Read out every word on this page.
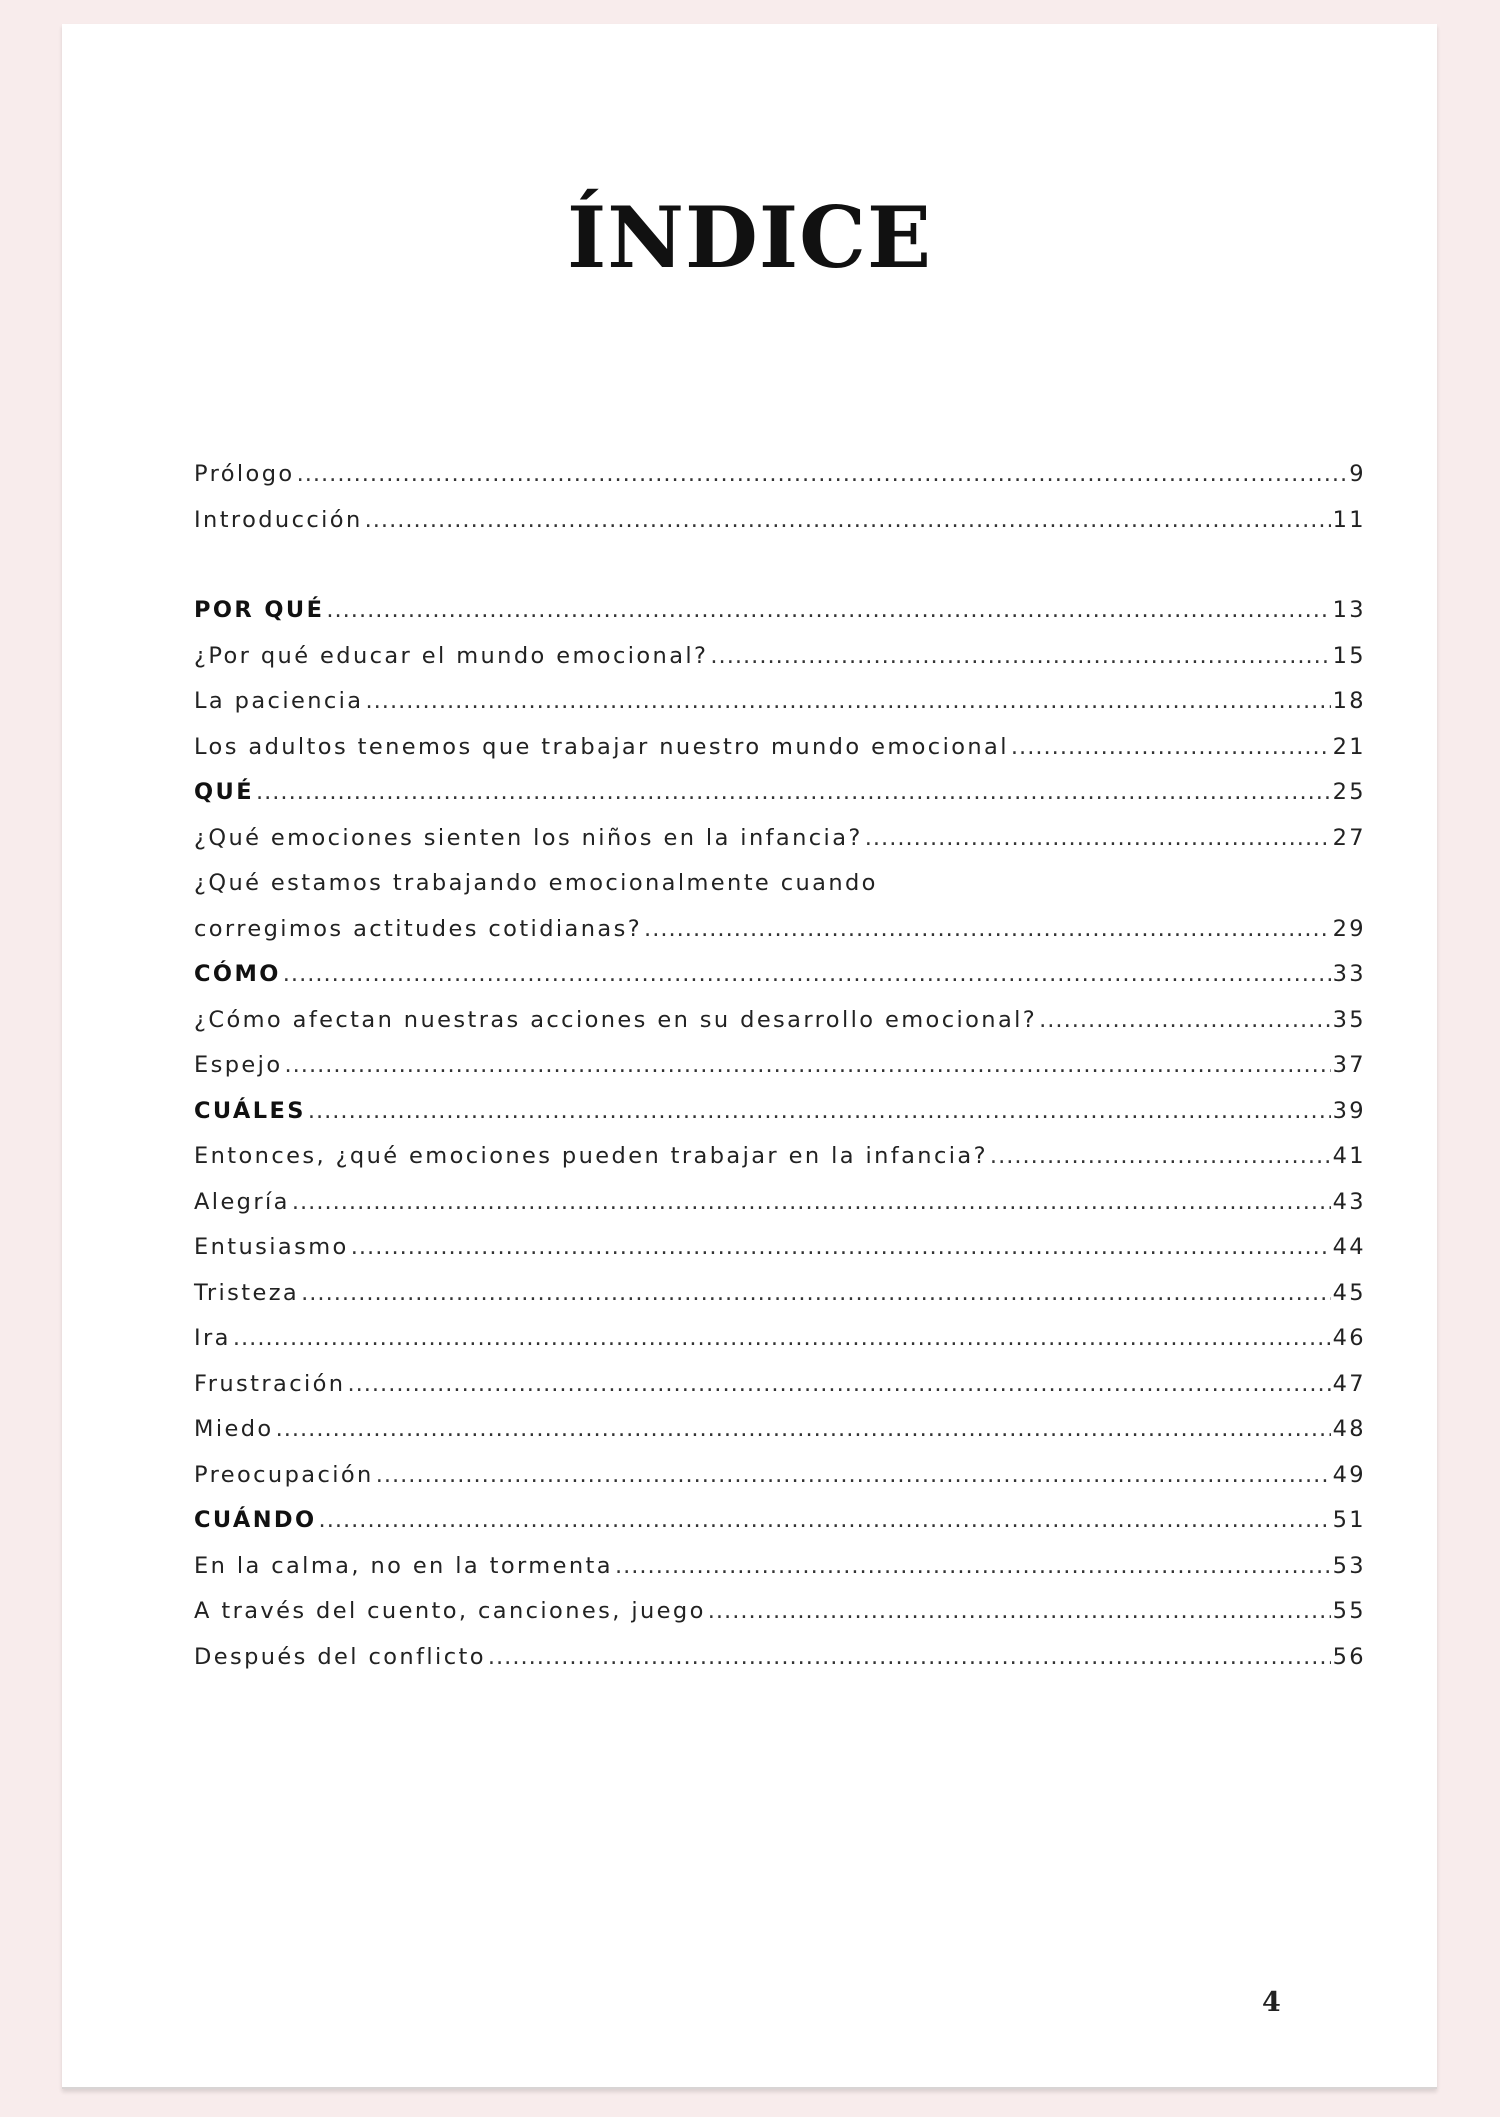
ÍNDICE
Prólogo .....	9
Introducción .....	11
POR QUÉ .....	13
¿Por qué educar el mundo emocional? .....	15
La paciencia .....	18
Los adultos tenemos que trabajar nuestro mundo emocional .....	21
QUÉ .....	25
¿Qué emociones sienten los niños en la infancia? .....	27
¿Qué estamos trabajando emocionalmente cuando
corregimos actitudes cotidianas? .....	29
CÓMO .....	33
¿Cómo afectan nuestras acciones en su desarrollo emocional? .....	35
Espejo .....	37
CUÁLES .....	39
Entonces, ¿qué emociones pueden trabajar en la infancia? .....	41
Alegría .....	43
Entusiasmo .....	44
Tristeza .....	45
Ira .....	46
Frustración .....	47
Miedo .....	48
Preocupación .....	49
CUÁNDO .....	51
En la calma, no en la tormenta .....	53
A través del cuento, canciones, juego .....	55
Después del conflicto .....	56
4
